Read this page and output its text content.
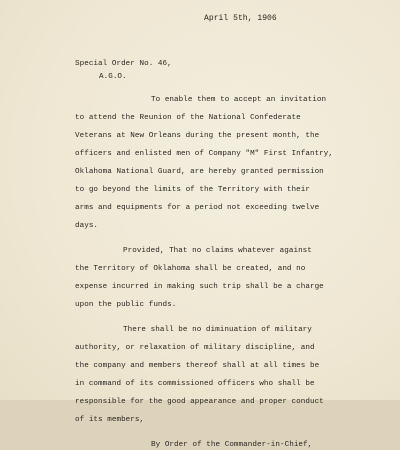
April 5th, 1906
Special Order No. 46,
A.G.O.
To enable them to accept an invitation
to attend the Reunion of the National Confederate
Veterans at New Orleans during the present month, the
officers and enlisted men of Company "M" First Infantry,
Oklahoma National Guard, are hereby granted permission
to go beyond the limits of the Territory with their
arms and equipments for a period not exceeding twelve
days.
Provided, That no claims whatever against
the Territory of Oklahoma shall be created, and no
expense incurred in making such trip shall be a charge
upon the public funds.
There shall be no diminuation of military
authority, or relaxation of military discipline, and
the company and members thereof shall at all times be
in command of its commissioned officers who shall be
responsible for the good appearance and proper conduct
of its members,
By Order of the Commander-in-Chief,
